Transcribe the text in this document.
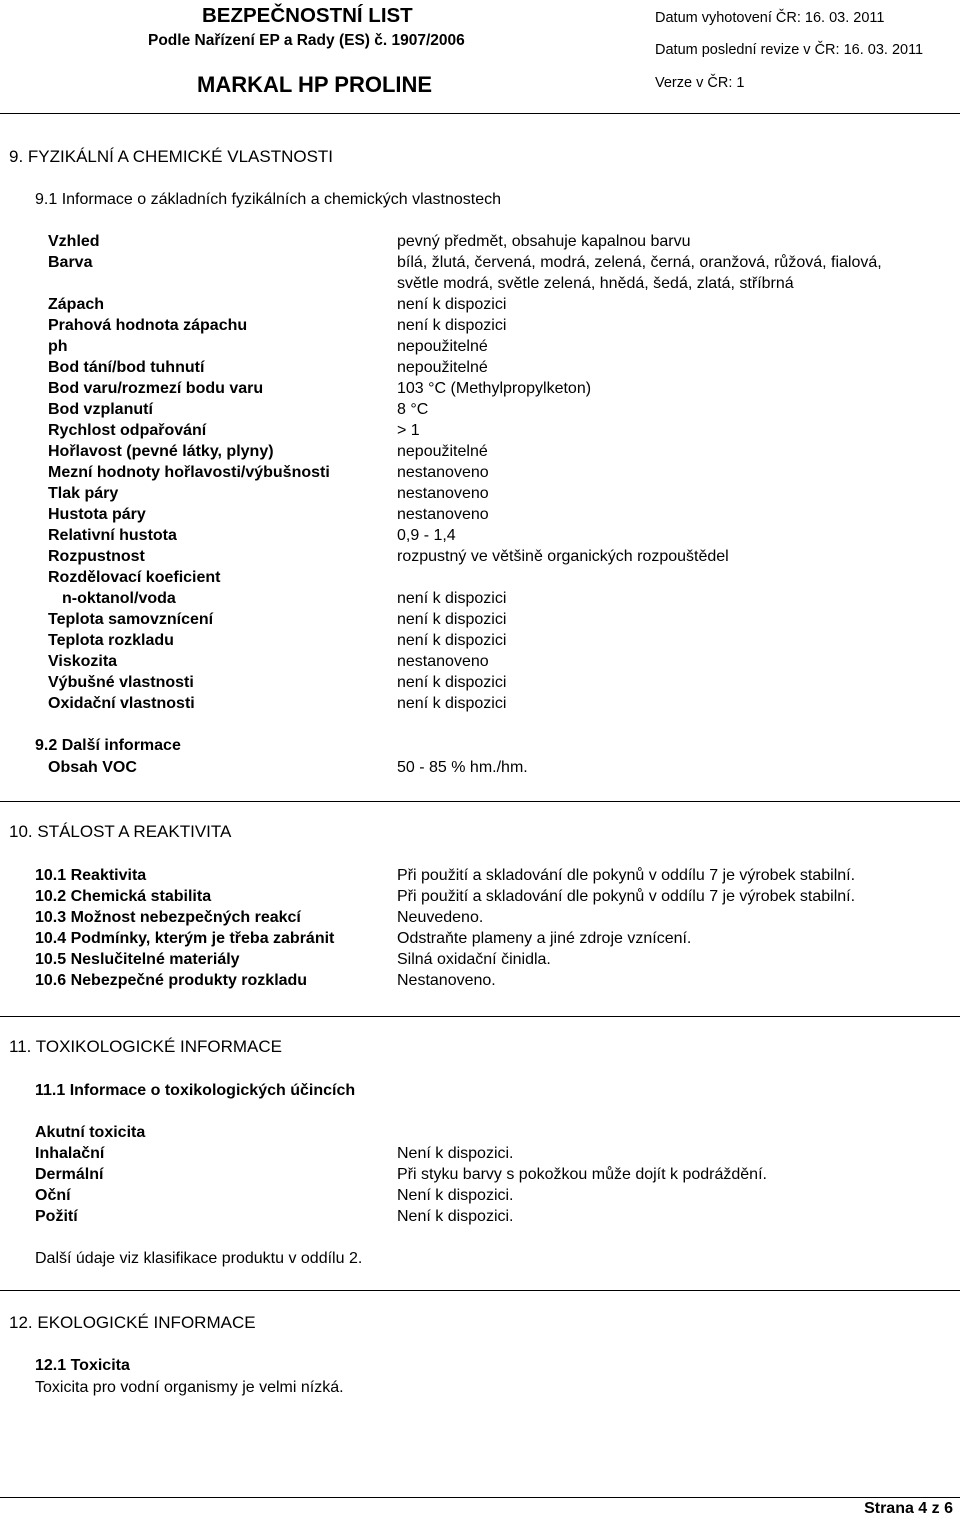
BEZPEČNOSTNÍ LIST
Podle Nařízení EP a Rady (ES) č. 1907/2006
MARKAL HP PROLINE
Datum vyhotovení ČR: 16. 03. 2011
Datum poslední revize v ČR: 16. 03. 2011
Verze v ČR: 1
9. FYZIKÁLNÍ A CHEMICKÉ VLASTNOSTI
9.1 Informace o základních fyzikálních a chemických vlastnostech
Vzhled	pevný předmět, obsahuje kapalnou barvu
Barva	bílá, žlutá, červená, modrá, zelená, černá, oranžová, růžová, fialová,
světle modrá, světle zelená, hnědá, šedá, zlatá, stříbrná
Zápach	není k dispozici
Prahová hodnota zápachu	není k dispozici
ph	nepoužitelné
Bod tání/bod tuhnutí	nepoužitelné
Bod varu/rozmezí bodu varu	103 °C (Methylpropylketon)
Bod vzplanutí	8 °C
Rychlost odpařování	> 1
Hořlavost (pevné látky, plyny)	nepoužitelné
Mezní hodnoty hořlavosti/výbušnosti	nestanoveno
Tlak páry	nestanoveno
Hustota páry	nestanoveno
Relativní hustota	0,9 - 1,4
Rozpustnost	rozpustný ve většině organických rozpouštědel
Rozdělovací koeficient
n-oktanol/voda	není k dispozici
Teplota samovznícení	není k dispozici
Teplota rozkladu	není k dispozici
Viskozita	nestanoveno
Výbušné vlastnosti	není k dispozici
Oxidační vlastnosti	není k dispozici
9.2 Další informace
Obsah VOC	50 - 85 % hm./hm.
10. STÁLOST A REAKTIVITA
10.1 Reaktivita	Při použití a skladování dle pokynů v oddílu 7 je výrobek stabilní.
10.2 Chemická stabilita	Při použití a skladování dle pokynů v oddílu 7 je výrobek stabilní.
10.3 Možnost nebezpečných reakcí	Neuvedeno.
10.4 Podmínky, kterým je třeba zabránit	Odstraňte plameny a jiné zdroje vznícení.
10.5 Neslučitelné materiály	Silná oxidační činidla.
10.6 Nebezpečné produkty rozkladu	Nestanoveno.
11. TOXIKOLOGICKÉ INFORMACE
11.1 Informace o toxikologických účincích
Akutní toxicita
Inhalační	Není k dispozici.
Dermální	Při styku barvy s pokožkou může dojít k podráždění.
Oční	Není k dispozici.
Požití	Není k dispozici.
Další údaje viz klasifikace produktu v oddílu 2.
12. EKOLOGICKÉ INFORMACE
12.1 Toxicita
Toxicita pro vodní organismy je velmi nízká.
Strana 4 z 6
